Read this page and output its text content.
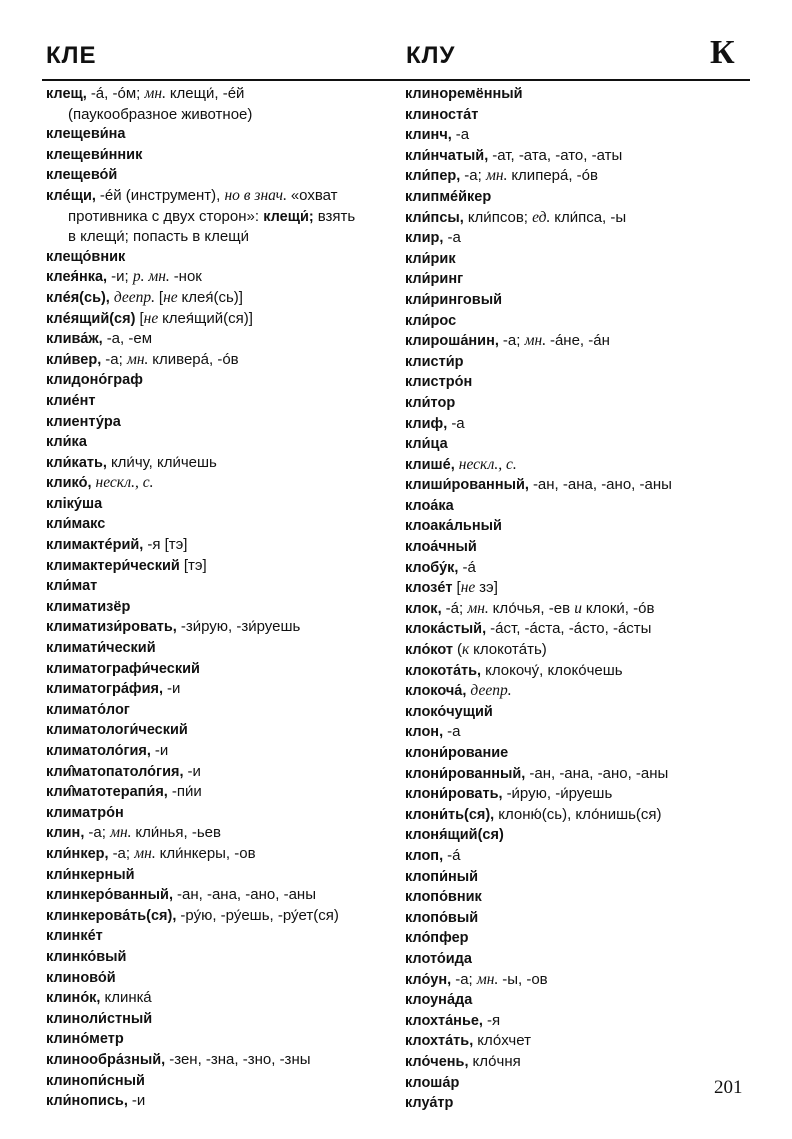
КЛЕ	КЛУ	К
клещ, -á, -óм; мн. клещи́, -éй
(паукообразное животное)
клещеви́на
клещеви́нник
клещево́й
клéщи, -éй (инструмент), но в знач. «охват
противника с двух сторон»: клещи́; взять
в клещи́; попасть в клещи́
клещо́вник
клея́нка, -и; р. мн. -нок
клéя(сь), деепр. [не клея́(сь)]
клéящий(ся) [не клея́щий(ся)]
клива́ж, -а, -ем
кли́вер, -а; мн. кливерá, -óв
клидоно́граф
клиéнт
клиенту́ра
кли́ка
кли́кать, кли́чу, кли́чешь
клико́, нескл., с.
кліку́ша
кли́макс
климактéрий, -я [тэ]
климактери́ческий [тэ]
кли́мат
климатизёр
климатизи́ровать, -зи́рую, -зи́руешь
климати́ческий
климатографи́ческий
климатогра́фия, -и
климато́лог
климатологи́ческий
климатоло́гия, -и
кли̂матопатоло́гия, -и
кли̂матотерапи́я, -пи́и
климатро́н
клин, -а; мн. кли́нья, -ьев
кли́нкер, -а; мн. кли́нкеры, -ов
кли́нкерный
клинкеро́ванный, -ан, -ана, -ано, -аны
клинкерова́ть(ся), -ру́ю, -ру́ешь, -ру́ет(ся)
клинкéт
клинко́вый
клиново́й
клино́к, клинкá
клиноли́стный
клино́метр
клинообра́зный, -зен, -зна, -зно, -зны
клинопи́сный
кли́нопись, -и
клиноремённый
клиноста́т
клинч, -а
кли́нчатый, -ат, -ата, -ато, -аты
кли́пер, -а; мн. клиперá, -óв
клипмéйкер
кли́псы, кли́псов; ед. кли́пса, -ы
клир, -а
кли́рик
кли́ринг
кли́ринговый
кли́рос
клироша́нин, -а; мн. -áне, -áн
клисти́р
клистро́н
кли́тор
клиф, -а
кли́ца
клишé, нескл., с.
клиши́рованный, -ан, -ана, -ано, -аны
клоа́ка
клоака́льный
клоа́чный
клобу́к, -á
клозéт [не зэ]
клок, -á; мн. кло́чья, -ев и клоки́, -óв
клока́стый, -áст, -áста, -áсто, -áсты
кло́кот (к клокотáть)
клокота́ть, клокочу́, клоко́чешь
клокоча́, деепр.
клоко́чущий
клон, -а
клони́рование
клони́рованный, -ан, -ана, -ано, -аны
клони́ровать, -и́рую, -и́руешь
клони́ть(ся), клоню́(сь), кло́нишь(ся)
клоня́щий(ся)
клоп, -á
клопи́ный
клопо́вник
клопо́вый
кло́пфер
клото́ида
кло́ун, -а; мн. -ы, -ов
клоуна́да
клохта́нье, -я
клохта́ть, кло́хчет
кло́чень, кло́чня
клоша́р
клуа́тр
201
